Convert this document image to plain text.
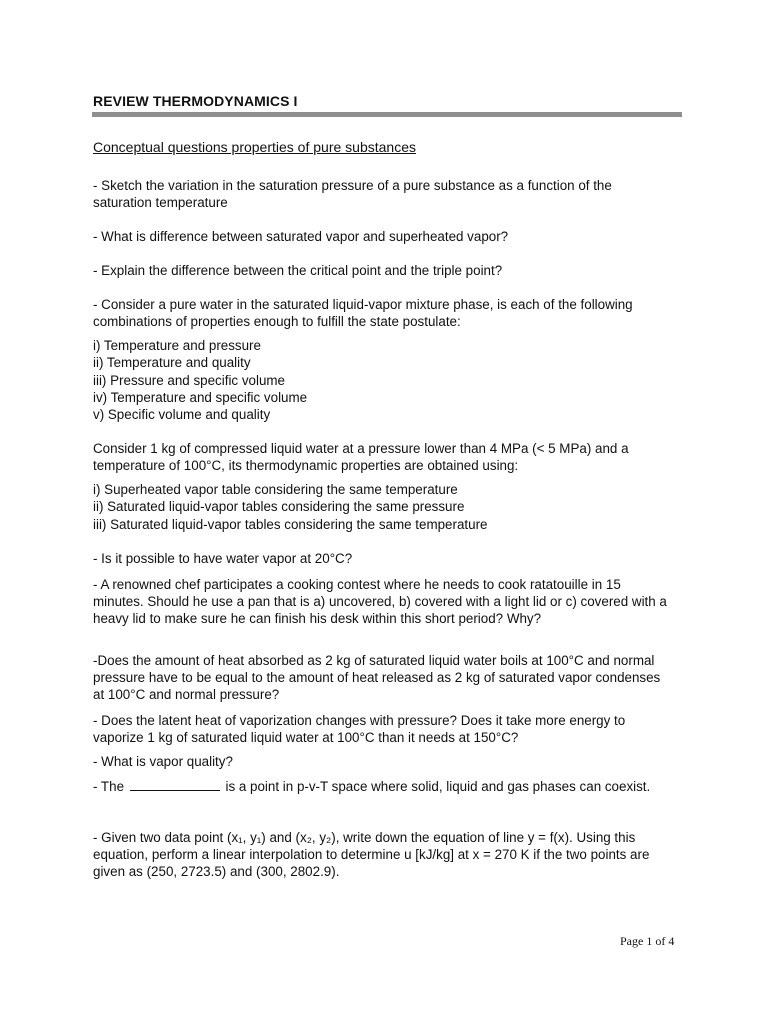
REVIEW THERMODYNAMICS I
Conceptual questions properties of pure substances

- Sketch the variation in the saturation pressure of a pure substance as a function of the saturation temperature

- What is difference between saturated vapor and superheated vapor?

- Explain the difference between the critical point and the triple point?

- Consider a pure water in the saturated liquid-vapor mixture phase, is each of the following combinations of properties enough to fulfill the state postulate:

i) Temperature and pressure
ii) Temperature and quality
iii) Pressure and specific volume
iv) Temperature and specific volume
v) Specific volume and quality

Consider 1 kg of compressed liquid water at a pressure lower than 4 MPa (< 5 MPa) and a temperature of 100°C, its thermodynamic properties are obtained using:

i) Superheated vapor table considering the same temperature
ii) Saturated liquid-vapor tables considering the same pressure
iii) Saturated liquid-vapor tables considering the same temperature

- Is it possible to have water vapor at 20°C?

- A renowned chef participates a cooking contest where he needs to cook ratatouille in 15 minutes. Should he use a pan that is a) uncovered, b) covered with a light lid or c) covered with a heavy lid to make sure he can finish his desk within this short period? Why?

-Does the amount of heat absorbed as 2 kg of saturated liquid water boils at 100°C and normal pressure have to be equal to the amount of heat released as 2 kg of saturated vapor condenses at 100°C and normal pressure?

- Does the latent heat of vaporization changes with pressure? Does it take more energy to vaporize 1 kg of saturated liquid water at 100°C than it needs at 150°C?

- What is vapor quality?

- The	is a point in p-v-T space where solid, liquid and gas phases can coexist.

- Given two data point (x₁, y₁) and (x₂, y₂), write down the equation of line y = f(x). Using this equation, perform a linear interpolation to determine u [kJ/kg] at x = 270 K if the two points are given as (250, 2723.5) and (300, 2802.9).

Page 1 of 4
